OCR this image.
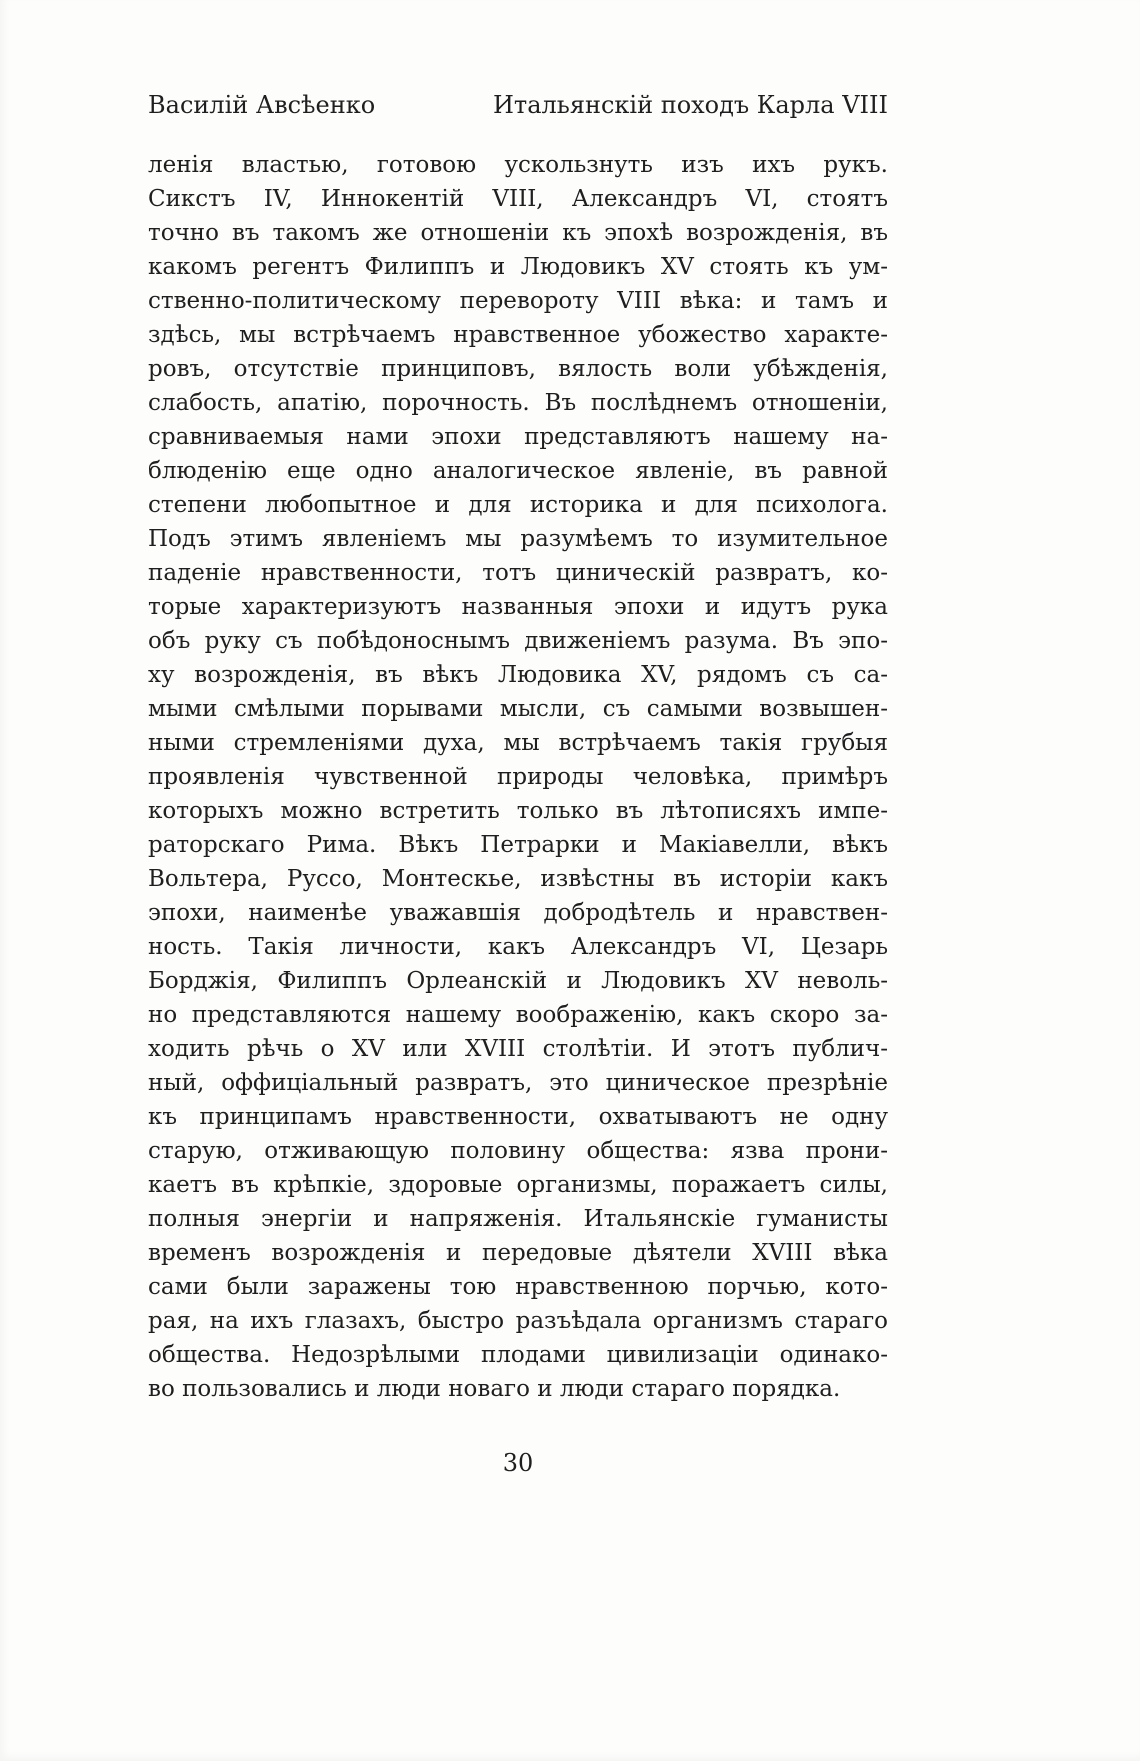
Василій Авсѣенко	Итальянскій походъ Карла VIII
ленія властью, готовою ускользнуть изъ ихъ рукъ.
Сикстъ IV, Иннокентій VIII, Александръ VI, стоятъ
точно въ такомъ же отношеніи къ эпохѣ возрожденія, въ
какомъ регентъ Филиппъ и Людовикъ XV стоять къ ум-
ственно-политическому перевороту VIII вѣка: и тамъ и
здѣсь, мы встрѣчаемъ нравственное убожество характе-
ровъ, отсутствіе принциповъ, вялость воли убѣжденія,
слабость, апатію, порочность. Въ послѣднемъ отношеніи,
сравниваемыя нами эпохи представляютъ нашему на-
блюденію еще одно аналогическое явленіе, въ равной
степени любопытное и для историка и для психолога.
Подъ этимъ явленіемъ мы разумѣемъ то изумительное
паденіе нравственности, тотъ циническій развратъ, ко-
торые характеризуютъ названныя эпохи и идутъ рука
объ руку съ побѣдоноснымъ движеніемъ разума. Въ эпо-
ху возрожденія, въ вѣкъ Людовика XV, рядомъ съ са-
мыми смѣлыми порывами мысли, съ самыми возвышен-
ными стремленіями духа, мы встрѣчаемъ такія грубыя
проявленія чувственной природы человѣка, примѣръ
которыхъ можно встретить только въ лѣтописяхъ импе-
раторскаго Рима. Вѣкъ Петрарки и Макіавелли, вѣкъ
Вольтера, Руссо, Монтескье, извѣстны въ исторіи какъ
эпохи, наименѣе уважавшія добродѣтель и нравствен-
ность. Такія личности, какъ Александръ VI, Цезарь
Борджія, Филиппъ Орлеанскій и Людовикъ XV неволь-
но представляются нашему воображенію, какъ скоро за-
ходить рѣчь о XV или XVIII столѣтіи. И этотъ публич-
ный, оффиціальный развратъ, это циническое презрѣніе
къ принципамъ нравственности, охватываютъ не одну
старую, отживающую половину общества: язва прони-
каетъ въ крѣпкіе, здоровые организмы, поражаетъ силы,
полныя энергіи и напряженія. Итальянскіе гуманисты
временъ возрожденія и передовые дѣятели XVIII вѣка
сами были заражены тою нравственною порчью, кото-
рая, на ихъ глазахъ, быстро разъѣдала организмъ стараго
общества. Недозрѣлыми плодами цивилизаціи одинако-
во пользовались и люди новаго и люди стараго порядка.
30
